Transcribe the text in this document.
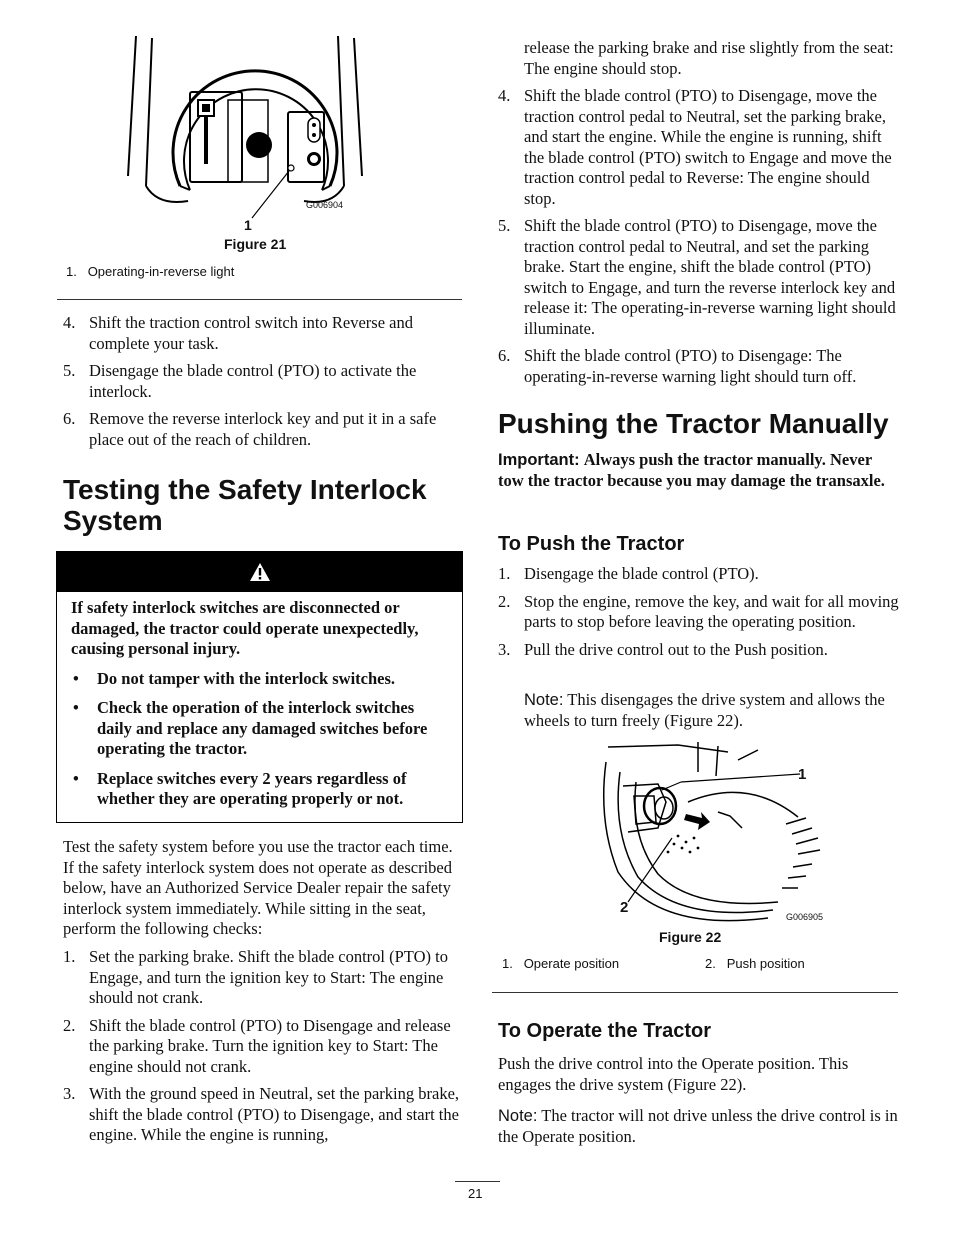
1
G006904
Figure 21
1. Operating-in-reverse light
4. Shift the traction control switch into Reverse and complete your task.
5. Disengage the blade control (PTO) to activate the interlock.
6. Remove the reverse interlock key and put it in a safe place out of the reach of children.
Testing the Safety Interlock System
If safety interlock switches are disconnected or damaged, the tractor could operate unexpectedly, causing personal injury.
• Do not tamper with the interlock switches.
• Check the operation of the interlock switches daily and replace any damaged switches before operating the tractor.
• Replace switches every 2 years regardless of whether they are operating properly or not.
Test the safety system before you use the tractor each time. If the safety interlock system does not operate as described below, have an Authorized Service Dealer repair the safety interlock system immediately. While sitting in the seat, perform the following checks:
1. Set the parking brake. Shift the blade control (PTO) to Engage, and turn the ignition key to Start: The engine should not crank.
2. Shift the blade control (PTO) to Disengage and release the parking brake. Turn the ignition key to Start: The engine should not crank.
3. With the ground speed in Neutral, set the parking brake, shift the blade control (PTO) to Disengage, and start the engine. While the engine is running,
release the parking brake and rise slightly from the seat: The engine should stop.
4. Shift the blade control (PTO) to Disengage, move the traction control pedal to Neutral, set the parking brake, and start the engine. While the engine is running, shift the blade control (PTO) switch to Engage and move the traction control pedal to Reverse: The engine should stop.
5. Shift the blade control (PTO) to Disengage, move the traction control pedal to Neutral, and set the parking brake. Start the engine, shift the blade control (PTO) switch to Engage, and turn the reverse interlock key and release it: The operating-in-reverse warning light should illuminate.
6. Shift the blade control (PTO) to Disengage: The operating-in-reverse warning light should turn off.
Pushing the Tractor Manually
Important: Always push the tractor manually. Never tow the tractor because you may damage the transaxle.
To Push the Tractor
1. Disengage the blade control (PTO).
2. Stop the engine, remove the key, and wait for all moving parts to stop before leaving the operating position.
3. Pull the drive control out to the Push position.
Note: This disengages the drive system and allows the wheels to turn freely (Figure 22).
1
2
G006905
Figure 22
1. Operate position	2. Push position
To Operate the Tractor
Push the drive control into the Operate position. This engages the drive system (Figure 22).
Note: The tractor will not drive unless the drive control is in the Operate position.
21
